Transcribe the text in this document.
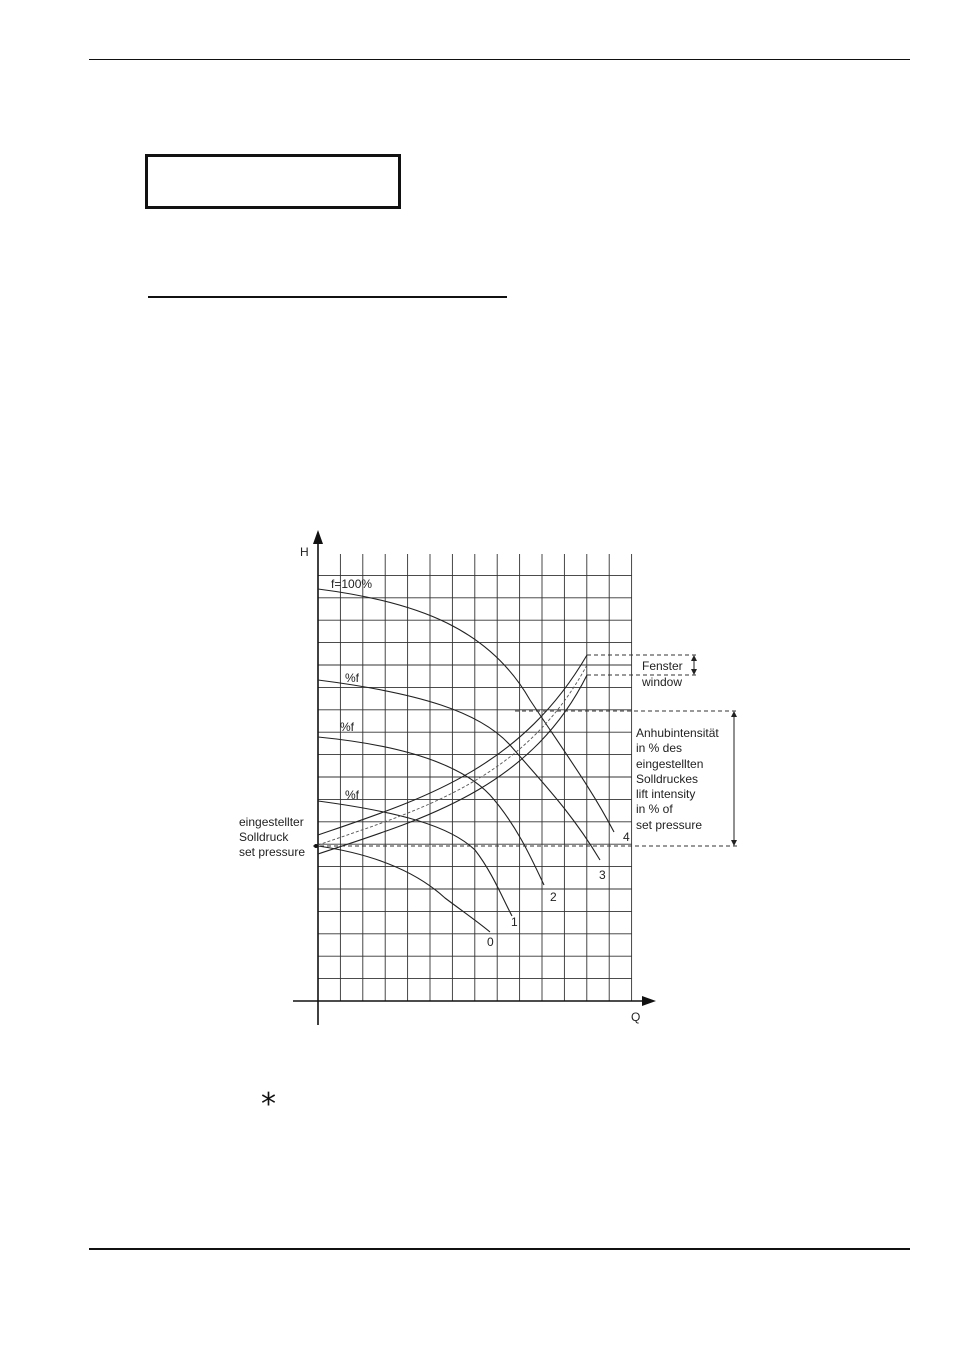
H
Q
f=100%
%f
%f
%f
0
1
2
3
4
eingestellter
Solldruck
set pressure
Fenster
window
Anhubintensität
in % des
eingestellten
Solldruckes
lift intensity
in % of
set pressure
*
